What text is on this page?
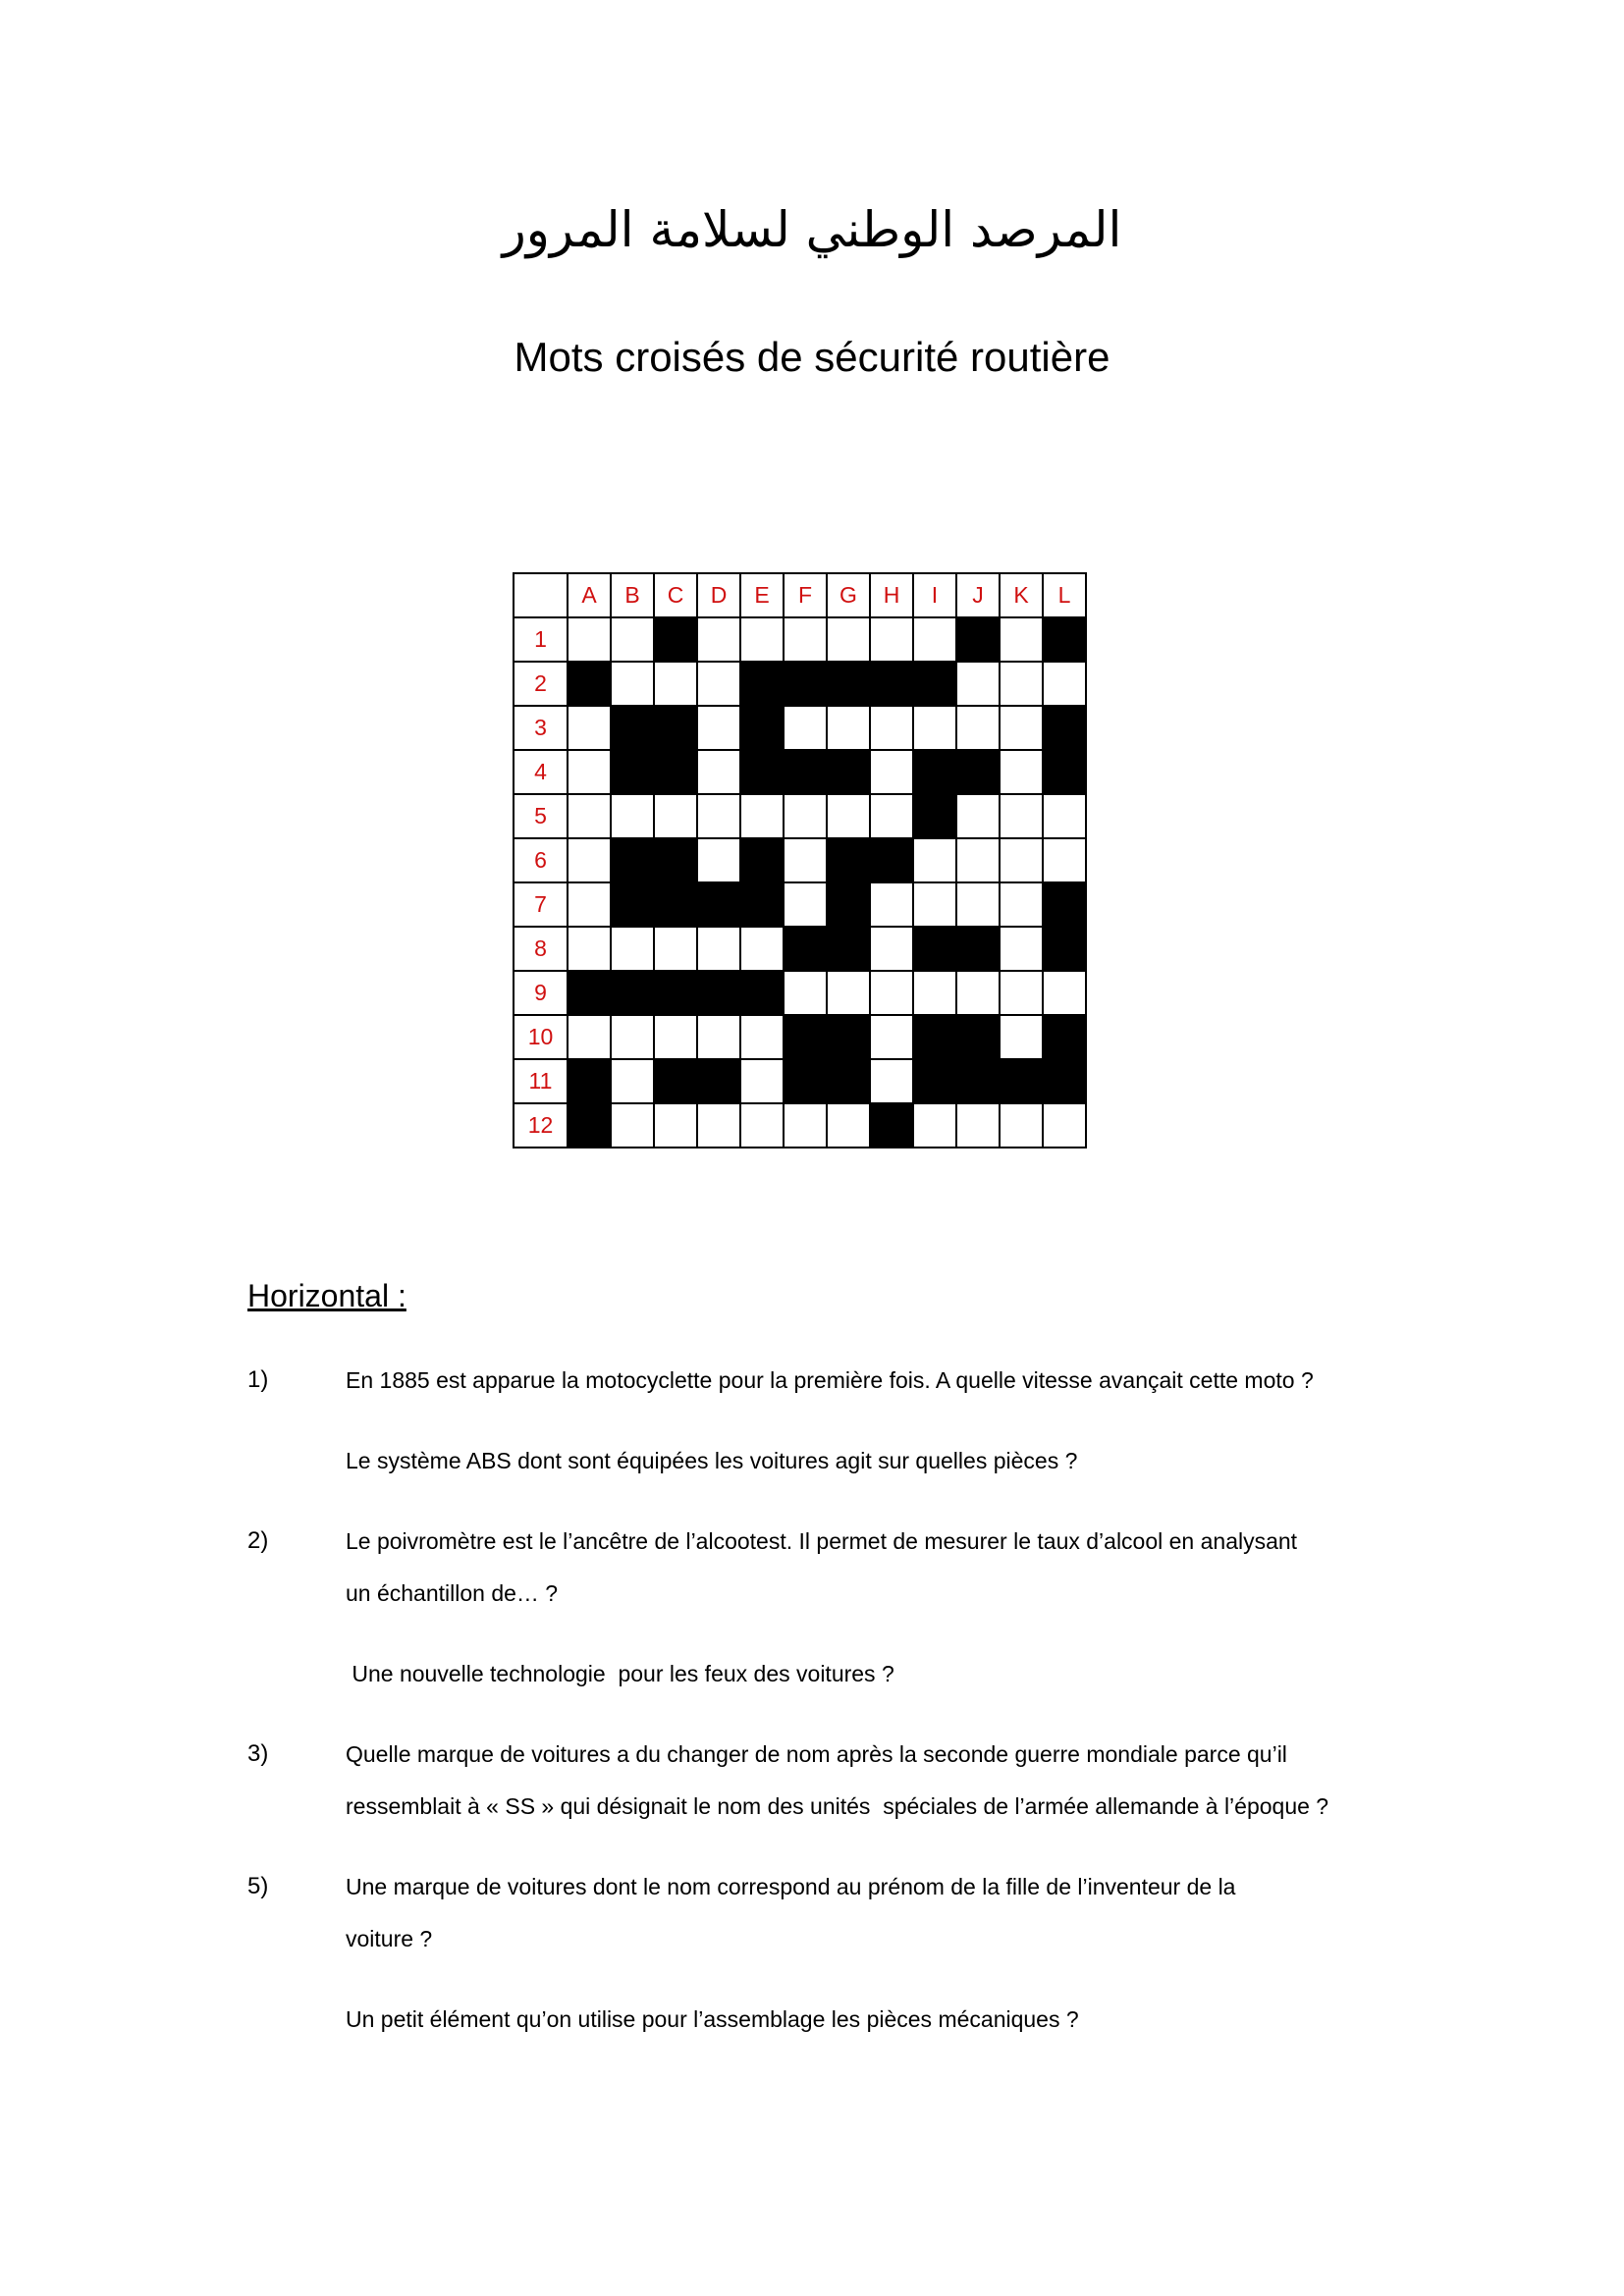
المرصد الوطني لسلامة المرور
Mots croisés de sécurité routière
	A	B	C	D	E	F	G	H	I	J	K	L
1												
2												
3												
4												
5												
6												
7												
8												
9												
10												
11												
12												
Horizontal :
1)	En 1885 est apparue la motocyclette pour la première fois. A quelle vitesse avançait cette moto ?
Le système ABS dont sont équipées les voitures agit sur quelles pièces ?
2)	Le poivromètre est le l’ancêtre de l’alcootest. Il permet de mesurer le taux d’alcool en analysant
un échantillon de… ?
Une nouvelle technologie  pour les feux des voitures ?
3)	Quelle marque de voitures a du changer de nom après la seconde guerre mondiale parce qu’il
ressemblait à « SS » qui désignait le nom des unités  spéciales de l’armée allemande à l’époque ?
5)	Une marque de voitures dont le nom correspond au prénom de la fille de l’inventeur de la
voiture ?
Un petit élément qu’on utilise pour l’assemblage les pièces mécaniques ?
